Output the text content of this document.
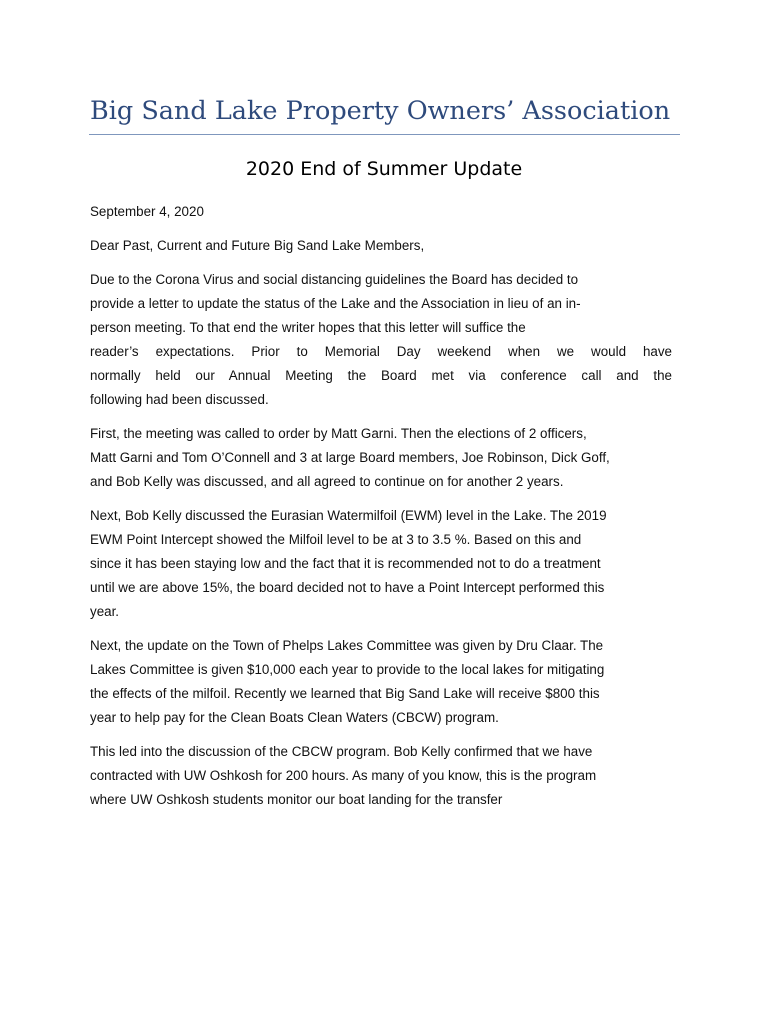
Big Sand Lake Property Owners’ Association
2020 End of Summer Update

September 4, 2020

Dear Past, Current and Future Big Sand Lake Members,

Due to the Corona Virus and social distancing guidelines the Board has decided to
provide a letter to update the status of the Lake and the Association in lieu of an in-
person meeting. To that end the writer hopes that this letter will suffice the
reader’s expectations. Prior to Memorial Day weekend when we would have
normally held our Annual Meeting the Board met via conference call and the
following had been discussed.

First, the meeting was called to order by Matt Garni. Then the elections of 2 officers,
Matt Garni and Tom O’Connell and 3 at large Board members, Joe Robinson, Dick Goff,
and Bob Kelly was discussed, and all agreed to continue on for another 2 years.

Next, Bob Kelly discussed the Eurasian Watermilfoil (EWM) level in the Lake. The 2019
EWM Point Intercept showed the Milfoil level to be at 3 to 3.5 %. Based on this and
since it has been staying low and the fact that it is recommended not to do a treatment
until we are above 15%, the board decided not to have a Point Intercept performed this
year.

Next, the update on the Town of Phelps Lakes Committee was given by Dru Claar. The
Lakes Committee is given $10,000 each year to provide to the local lakes for mitigating
the effects of the milfoil. Recently we learned that Big Sand Lake will receive $800 this
year to help pay for the Clean Boats Clean Waters (CBCW) program.

This led into the discussion of the CBCW program. Bob Kelly confirmed that we have
contracted with UW Oshkosh for 200 hours. As many of you know, this is the program
where UW Oshkosh students monitor our boat landing for the transfer
